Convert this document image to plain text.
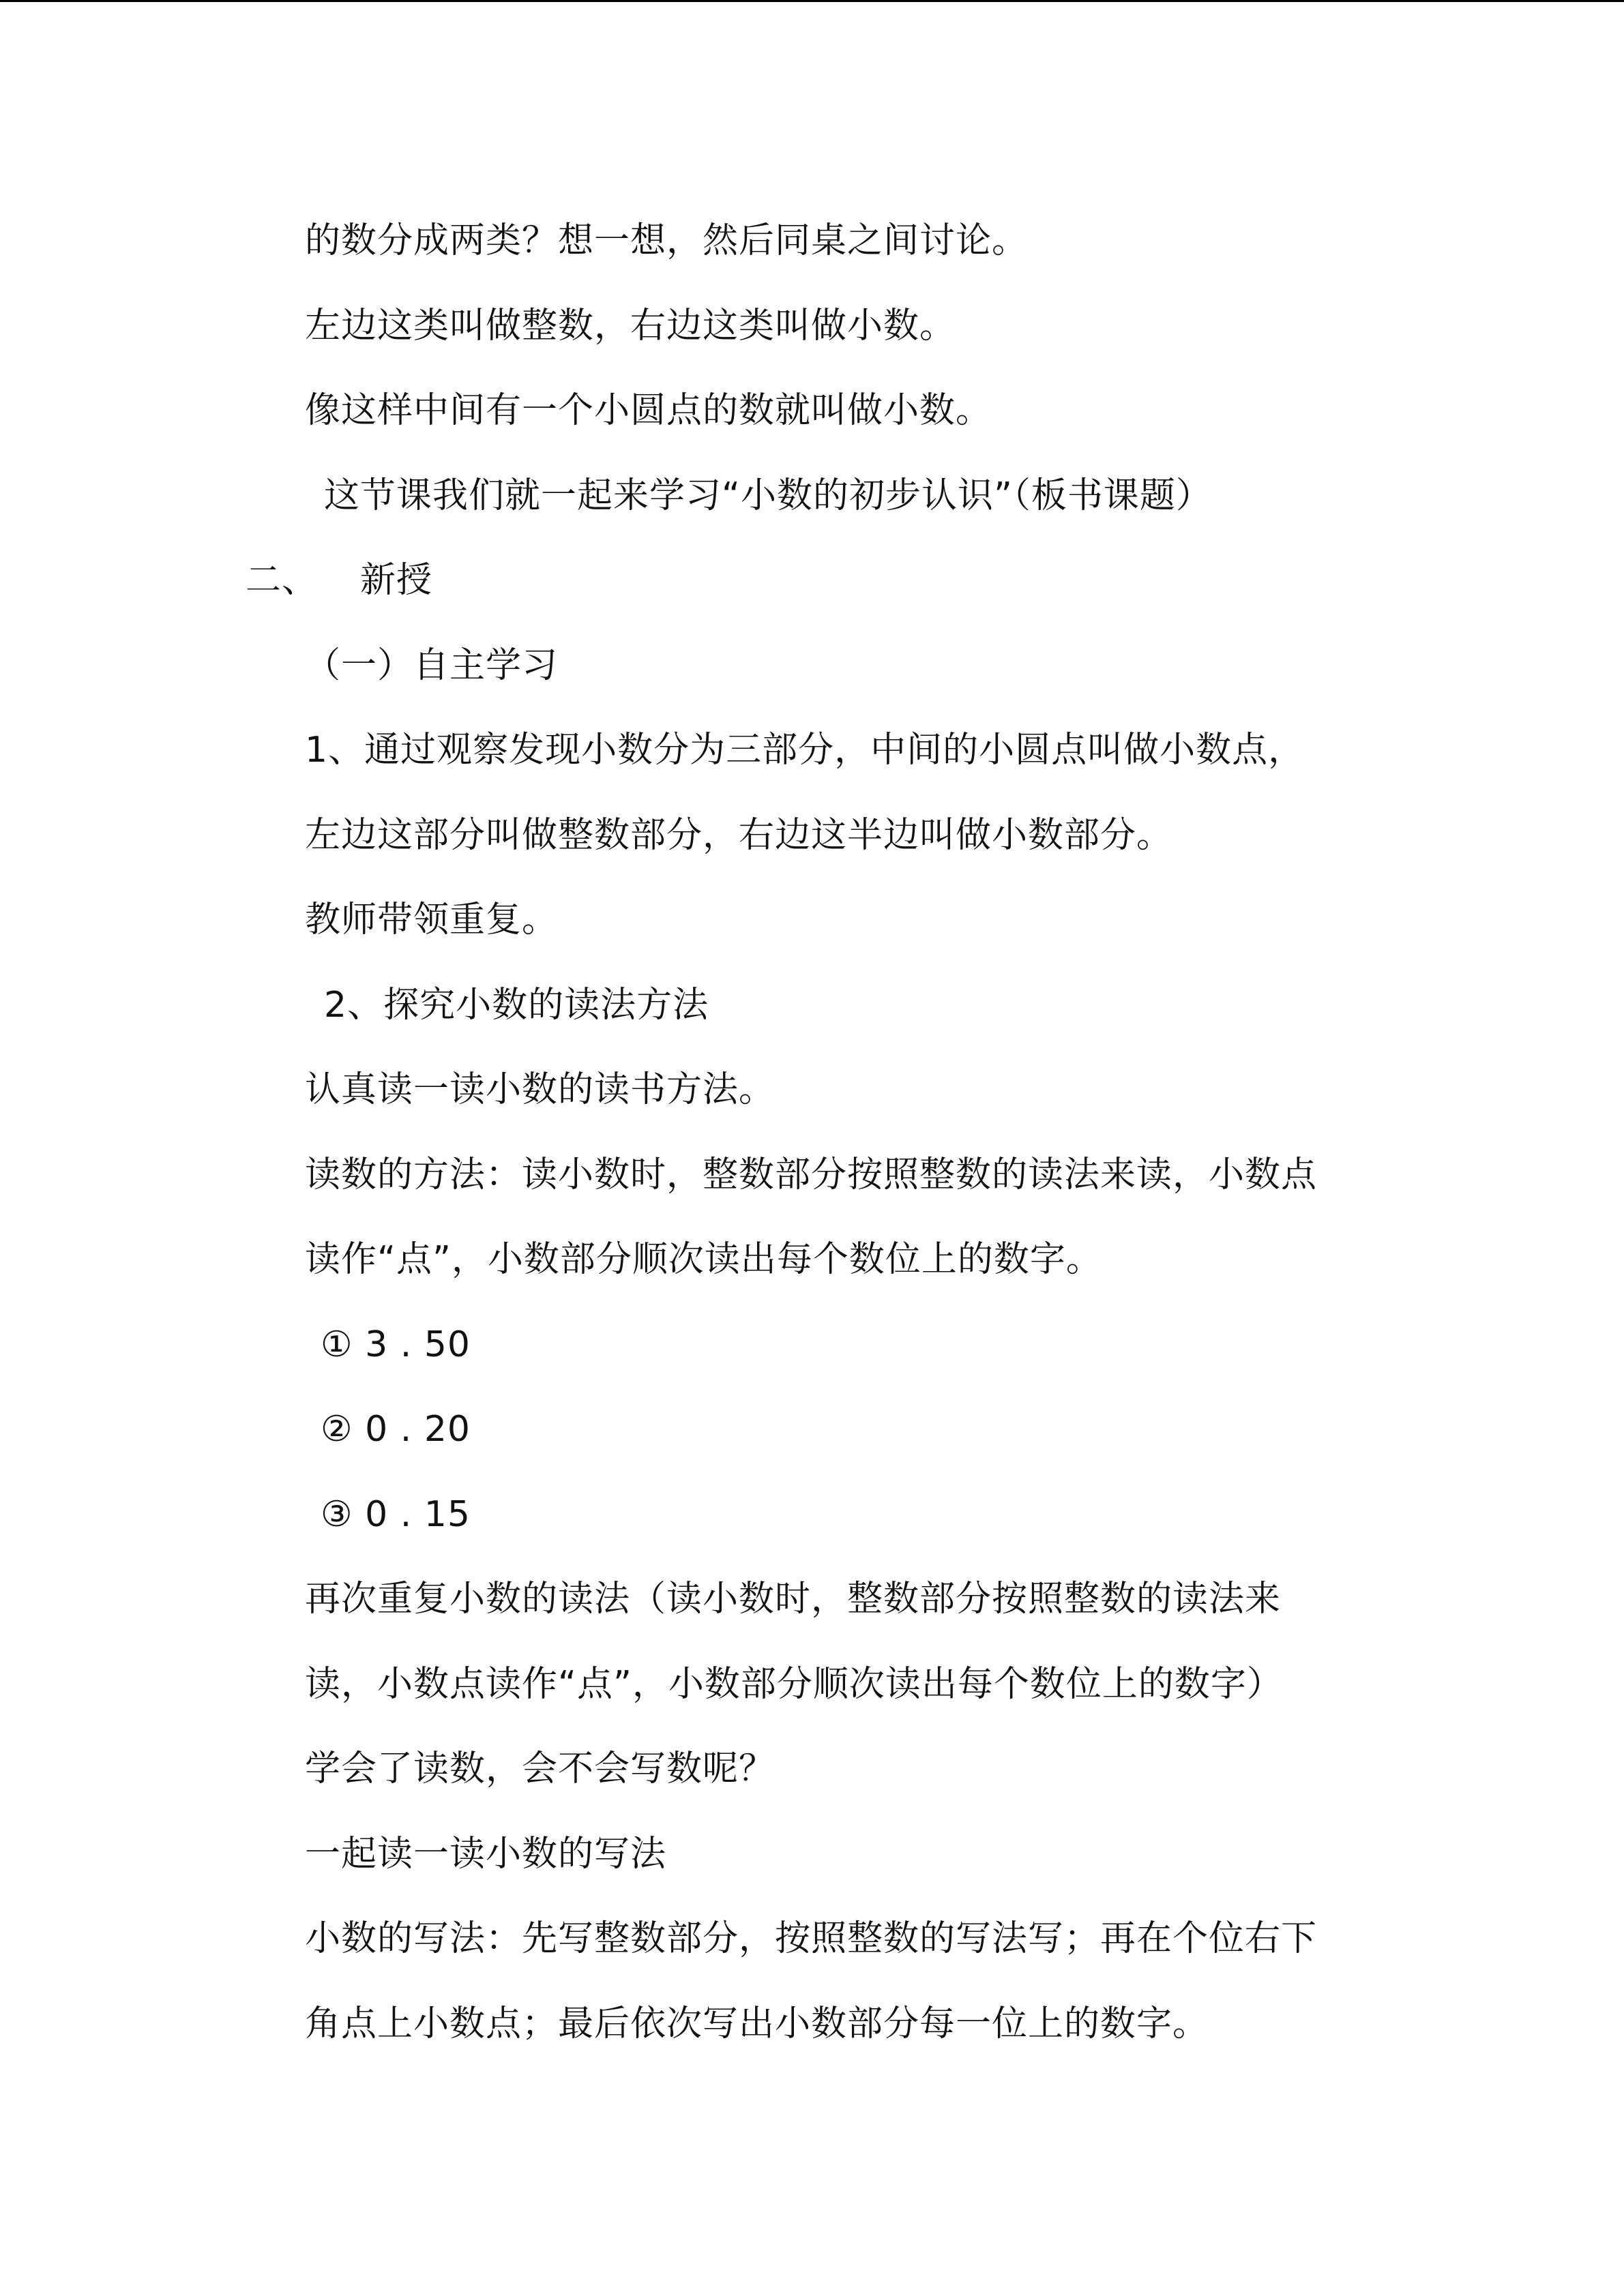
的数分成两类？想一想，然后同桌之间讨论。
左边这类叫做整数，右边这类叫做小数。
像这样中间有一个小圆点的数就叫做小数。
这节课我们就一起来学习“小数的初步认识”（板书课题）
二、 新授
（一）自主学习
1、通过观察发现小数分为三部分，中间的小圆点叫做小数点，
左边这部分叫做整数部分，右边这半边叫做小数部分。
教师带领重复。
2、探究小数的读法方法
认真读一读小数的读书方法。
读数的方法：读小数时，整数部分按照整数的读法来读，小数点
读作“点”，小数部分顺次读出每个数位上的数字。
① 3 . 50
② 0 . 20
③ 0 . 15
再次重复小数的读法（读小数时，整数部分按照整数的读法来
读，小数点读作“点”，小数部分顺次读出每个数位上的数字）
学会了读数，会不会写数呢？
一起读一读小数的写法
小数的写法：先写整数部分，按照整数的写法写；再在个位右下
角点上小数点；最后依次写出小数部分每一位上的数字。
